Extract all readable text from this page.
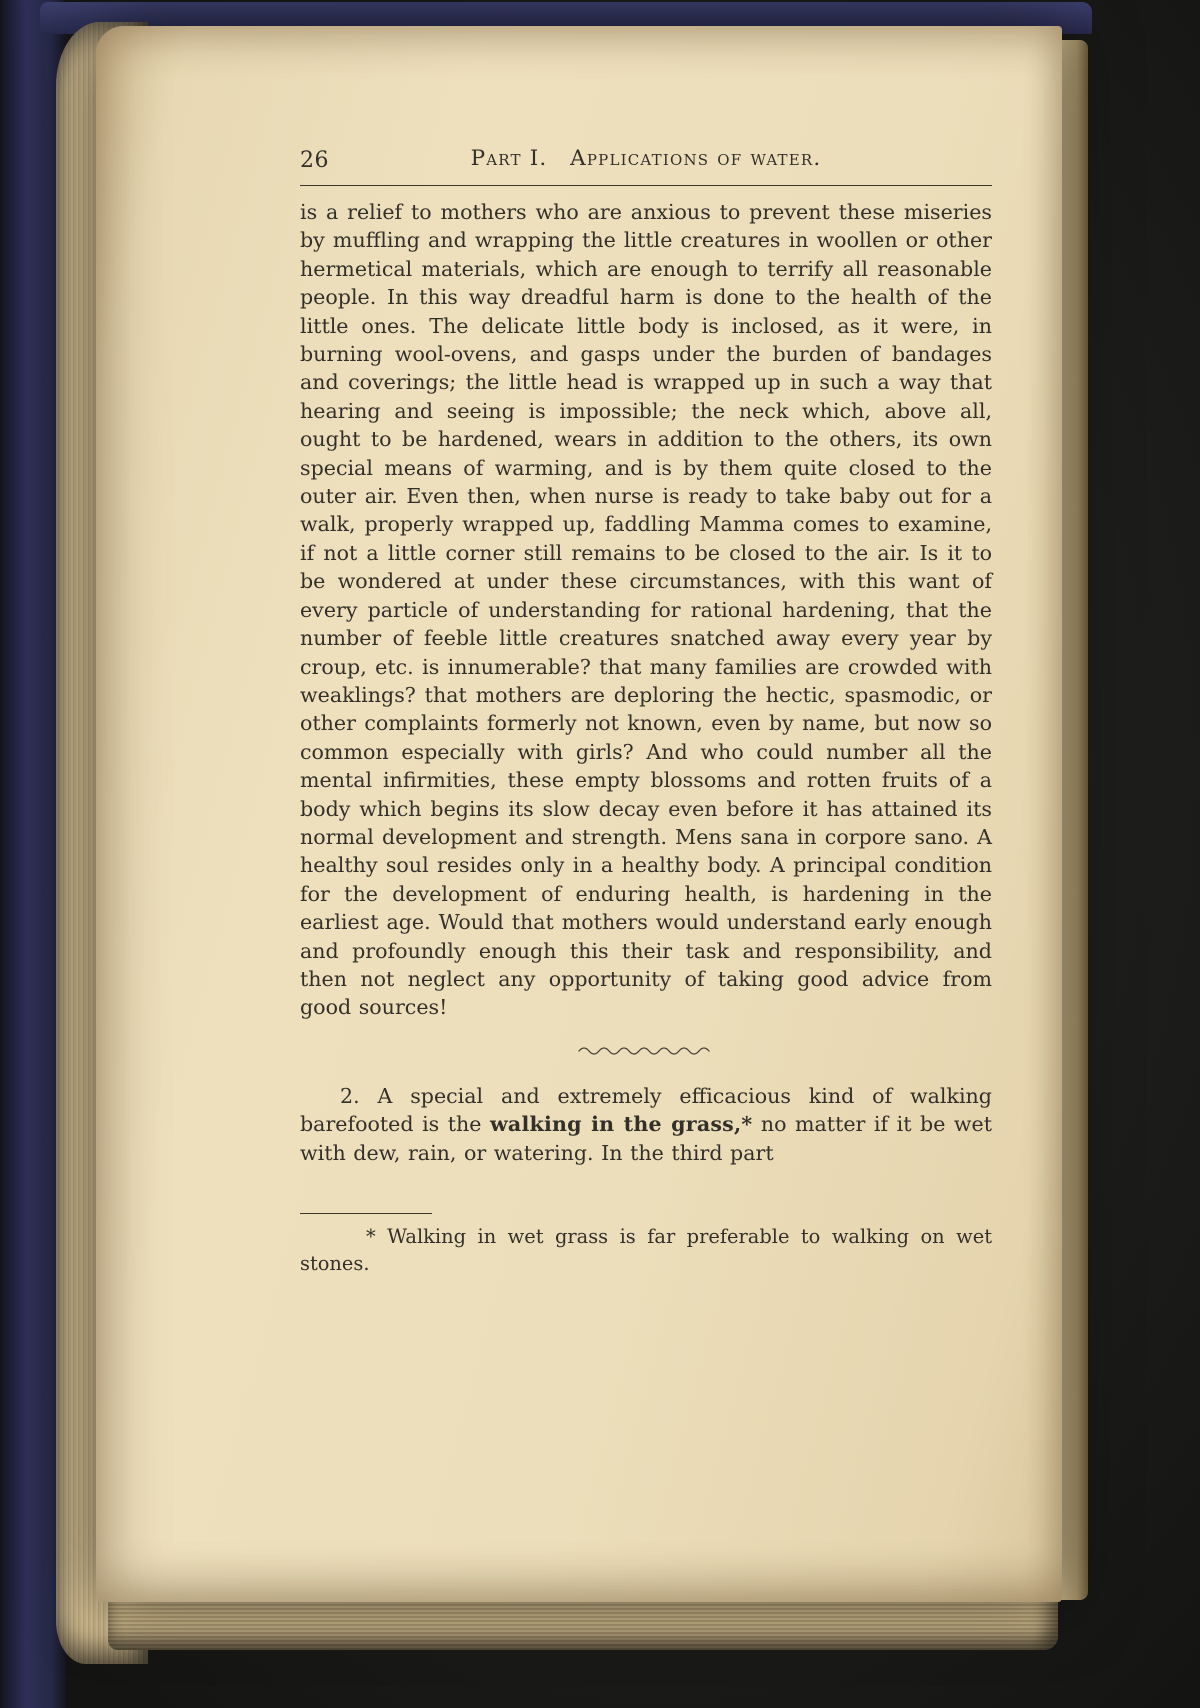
26	Part I. Applications of water.

is a relief to mothers who are anxious to prevent these miseries by muffling and wrapping the little creatures in woollen or other hermetical materials, which are enough to terrify all reasonable people. In this way dreadful harm is done to the health of the little ones. The delicate little body is inclosed, as it were, in burning wool-ovens, and gasps under the burden of bandages and coverings; the little head is wrapped up in such a way that hearing and seeing is impossible; the neck which, above all, ought to be hardened, wears in addition to the others, its own special means of warming, and is by them quite closed to the outer air. Even then, when nurse is ready to take baby out for a walk, properly wrapped up, faddling Mamma comes to examine, if not a little corner still remains to be closed to the air. Is it to be wondered at under these circumstances, with this want of every particle of understanding for rational hardening, that the number of feeble little creatures snatched away every year by croup, etc. is innumerable? that many families are crowded with weaklings? that mothers are deploring the hectic, spasmodic, or other complaints formerly not known, even by name, but now so common especially with girls? And who could number all the mental infirmities, these empty blossoms and rotten fruits of a body which begins its slow decay even before it has attained its normal development and strength. Mens sana in corpore sano. A healthy soul resides only in a healthy body. A principal condition for the development of enduring health, is hardening in the earliest age. Would that mothers would understand early enough and profoundly enough this their task and responsibility, and then not neglect any opportunity of taking good advice from good sources!

2. A special and extremely efficacious kind of walking barefooted is the walking in the grass,* no matter if it be wet with dew, rain, or watering. In the third part

* Walking in wet grass is far preferable to walking on wet stones.
